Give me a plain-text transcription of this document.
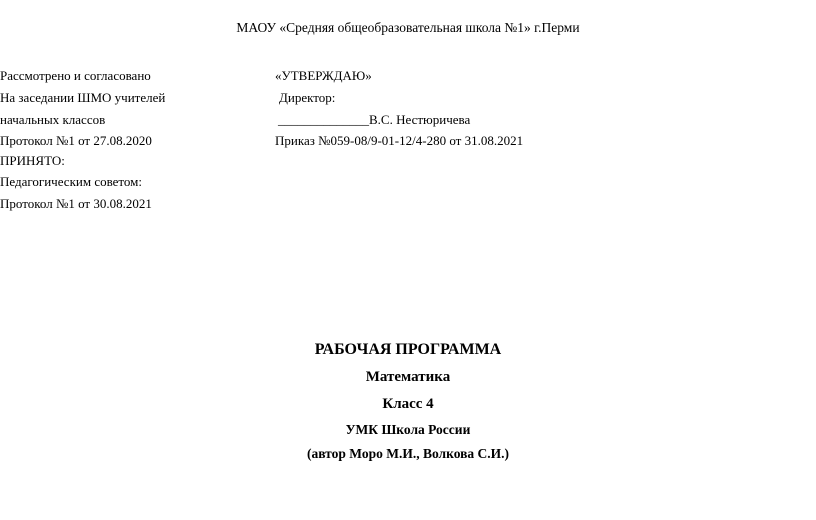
МАОУ «Средняя общеобразовательная школа №1» г.Перми
Рассмотрено и согласовано
На заседании ШМО учителей
начальных классов
Протокол №1 от 27.08.2020
ПРИНЯТО:
Педагогическим советом:
Протокол №1 от 30.08.2021
«УТВЕРЖДАЮ»
Директор:
______________В.С. Нестюричева
Приказ №059-08/9-01-12/4-280 от 31.08.2021
РАБОЧАЯ ПРОГРАММА
Математика
Класс 4
УМК Школа России
(автор Моро М.И., Волкова С.И.)
